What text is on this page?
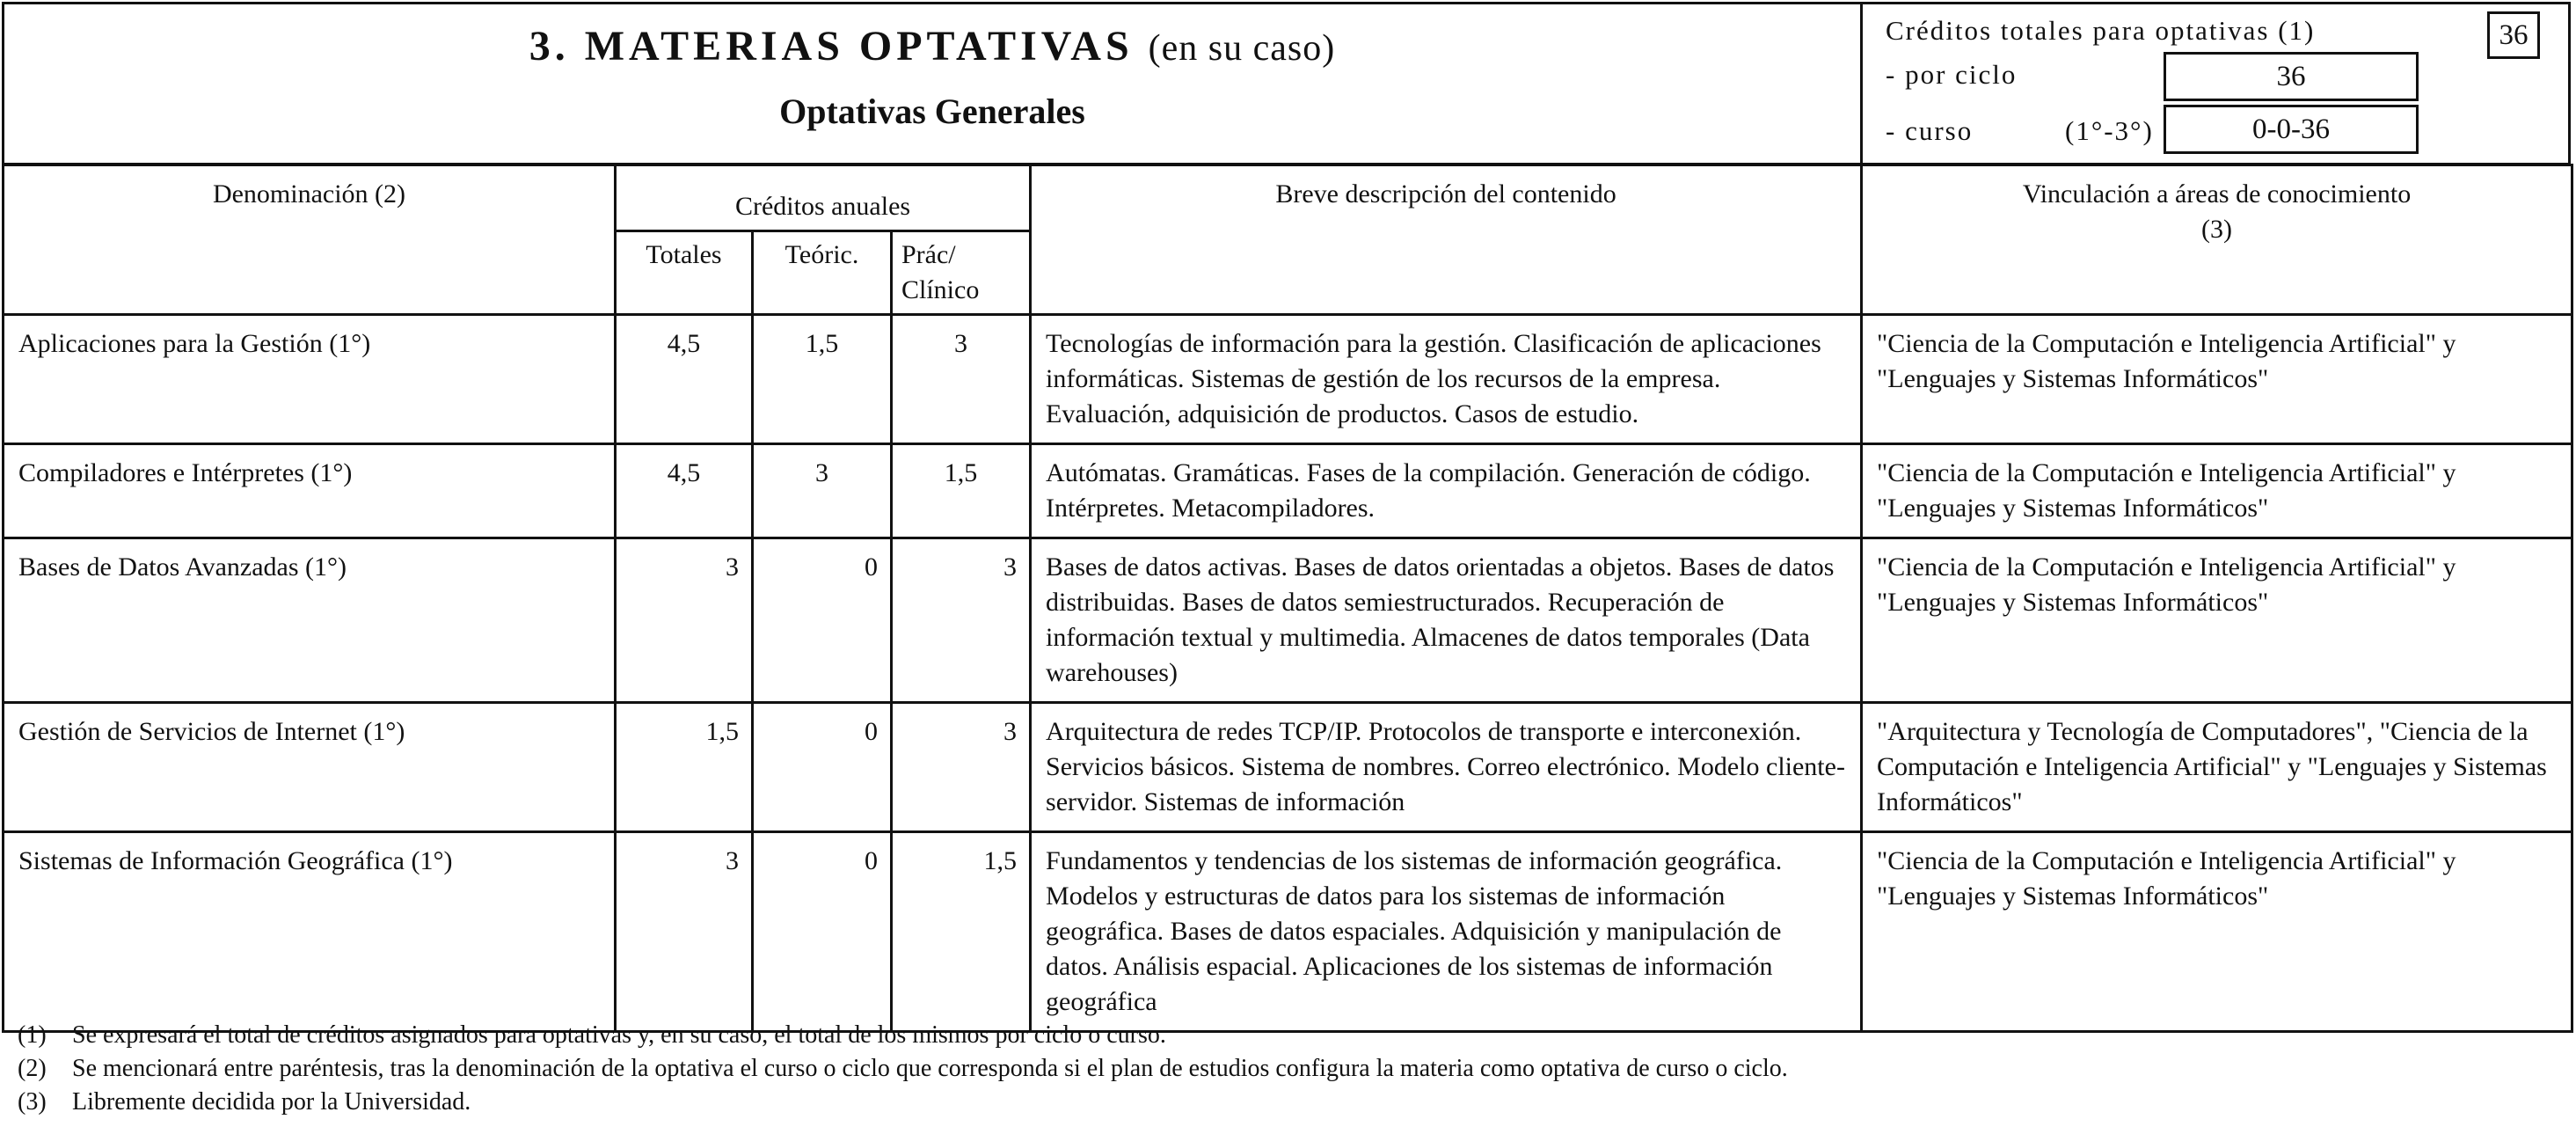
3. MATERIAS OPTATIVAS (en su caso)
Optativas Generales
Créditos totales para optativas (1)	36
- por ciclo	36
- curso	(1°-3°)	0-0-36
Denominación (2)	Créditos anuales			Breve descripción del contenido	Vinculación a áreas de conocimiento
(3)

	Totales	Teóric.	Prác/ Clínico		
Aplicaciones para la Gestión (1°)	4,5	1,5	3	Tecnologías de información para la gestión. Clasificación de aplicaciones informáticas. Sistemas de gestión de los recursos de la empresa. Evaluación, adquisición de productos. Casos de estudio.	"Ciencia de la Computación e Inteligencia Artificial" y "Lenguajes y Sistemas Informáticos"
Compiladores e Intérpretes (1°)	4,5	3	1,5	Autómatas. Gramáticas. Fases de la compilación. Generación de código. Intérpretes. Metacompiladores.	"Ciencia de la Computación e Inteligencia Artificial" y "Lenguajes y Sistemas Informáticos"
Bases de Datos Avanzadas (1°)	3	0	3	Bases de datos activas. Bases de datos orientadas a objetos. Bases de datos distribuidas. Bases de datos semiestructurados. Recuperación de información textual y multimedia. Almacenes de datos temporales (Data warehouses)	"Ciencia de la Computación e Inteligencia Artificial" y "Lenguajes y Sistemas Informáticos"
Gestión de Servicios de Internet (1°)	1,5	0	3	Arquitectura de redes TCP/IP. Protocolos de transporte e interconexión. Servicios básicos. Sistema de nombres. Correo electrónico. Modelo cliente-servidor. Sistemas de información	"Arquitectura y Tecnología de Computadores", "Ciencia de la Computación e Inteligencia Artificial" y "Lenguajes y Sistemas Informáticos"
Sistemas de Información Geográfica (1°)	3	0	1,5	Fundamentos y tendencias de los sistemas de información geográfica. Modelos y estructuras de datos para los sistemas de información geográfica. Bases de datos espaciales. Adquisición y manipulación de datos. Análisis espacial. Aplicaciones de los sistemas de información geográfica	"Ciencia de la Computación e Inteligencia Artificial" y "Lenguajes y Sistemas Informáticos"
(1) Se expresará el total de créditos asignados para optativas y, en su caso, el total de los mismos por ciclo o curso.
(2) Se mencionará entre paréntesis, tras la denominación de la optativa el curso o ciclo que corresponda si el plan de estudios configura la materia como optativa de curso o ciclo.
(3) Libremente decidida por la Universidad.
